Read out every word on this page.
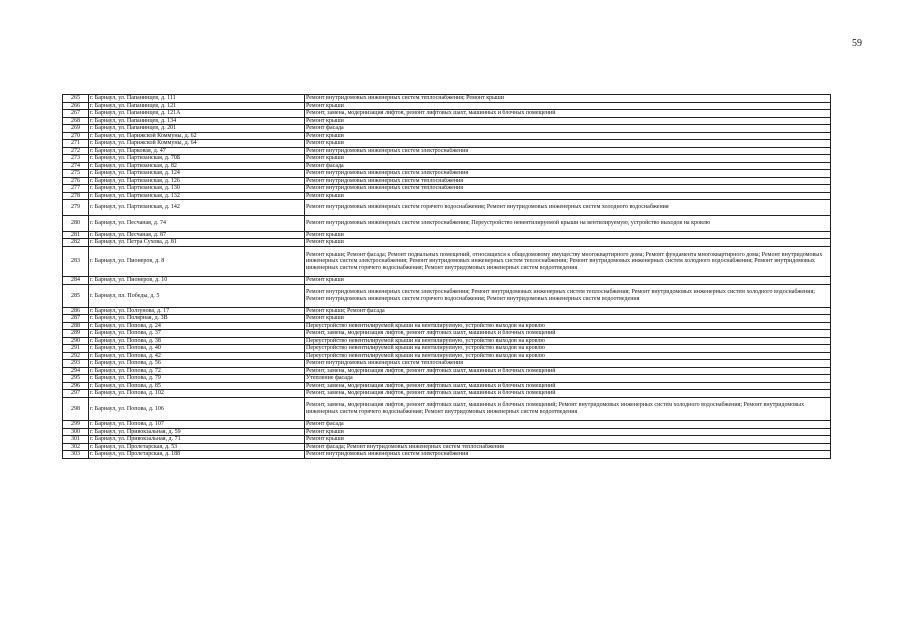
59
265	г. Барнаул, ул. Папанинцев, д. 111	Ремонт внутридомовых инженерных систем теплоснабжения; Ремонт крыши
266	г. Барнаул, ул. Папанинцев, д. 121	Ремонт крыши
267	г. Барнаул, ул. Папанинцев, д. 121А	Ремонт, замена, модернизация лифтов, ремонт лифтовых шахт, машинных и блочных помещений
268	г. Барнаул, ул. Папанинцев, д. 134	Ремонт крыши
269	г. Барнаул, ул. Папанинцев, д. 201	Ремонт фасада
270	г. Барнаул, ул. Парижской Коммуны, д. 62	Ремонт крыши
271	г. Барнаул, ул. Парижской Коммуны, д. 64	Ремонт крыши
272	г. Барнаул, ул. Парковая, д. 47	Ремонт внутридомовых инженерных систем электроснабжения
273	г. Барнаул, ул. Партизанская, д. 70Б	Ремонт крыши
274	г. Барнаул, ул. Партизанская, д. 82	Ремонт фасада
275	г. Барнаул, ул. Партизанская, д. 124	Ремонт внутридомовых инженерных систем электроснабжения
276	г. Барнаул, ул. Партизанская, д. 126	Ремонт внутридомовых инженерных систем теплоснабжения
277	г. Барнаул, ул. Партизанская, д. 130	Ремонт внутридомовых инженерных систем теплоснабжения
278	г. Барнаул, ул. Партизанская, д. 132	Ремонт крыши
279	г. Барнаул, ул. Партизанская, д. 142	Ремонт внутридомовых инженерных систем горячего водоснабжения; Ремонт внутридомовых инженерных систем холодного водоснабжения
280	г. Барнаул, ул. Песчаная, д. 74	Ремонт внутридомовых инженерных систем электроснабжения; Переустройство невентилируемой крыши на вентилируемую, устройство выходов на кровлю
281	г. Барнаул, ул. Песчаная, д. 87	Ремонт крыши
282	г. Барнаул, ул. Петра Сухова, д. 81	Ремонт крыши
283	г. Барнаул, ул. Пионеров, д. 8	Ремонт крыши; Ремонт фасада; Ремонт подвальных помещений, относящихся к общедомовому имуществу многоквартирного дома; Ремонт фундамента многоквартирного дома; Ремонт внутридомовых инженерных систем электроснабжения; Ремонт внутридомовых инженерных систем теплоснабжения; Ремонт внутридомовых инженерных систем холодного водоснабжения; Ремонт внутридомовых инженерных систем горячего водоснабжения; Ремонт внутридомовых инженерных систем водоотведения
284	г. Барнаул, ул. Пионеров, д. 10	Ремонт крыши
285	г. Барнаул, пл. Победы, д. 5	Ремонт внутридомовых инженерных систем электроснабжения; Ремонт внутридомовых инженерных систем теплоснабжения; Ремонт внутридомовых инженерных систем холодного водоснабжения; Ремонт внутридомовых инженерных систем горячего водоснабжения; Ремонт внутридомовых инженерных систем водоотведения
286	г. Барнаул, ул. Ползунова, д. 17	Ремонт крыши; Ремонт фасада
287	г. Барнаул, ул. Полярная, д. 3В	Ремонт крыши
288	г. Барнаул, ул. Попова, д. 24	Переустройство невентилируемой крыши на вентилируемую, устройство выходов на кровлю
289	г. Барнаул, ул. Попова, д. 37	Ремонт, замена, модернизация лифтов, ремонт лифтовых шахт, машинных и блочных помещений
290	г. Барнаул, ул. Попова, д. 38	Переустройство невентилируемой крыши на вентилируемую, устройство выходов на кровлю
291	г. Барнаул, ул. Попова, д. 40	Переустройство невентилируемой крыши на вентилируемую, устройство выходов на кровлю
292	г. Барнаул, ул. Попова, д. 42	Переустройство невентилируемой крыши на вентилируемую, устройство выходов на кровлю
293	г. Барнаул, ул. Попова, д. 56	Ремонт внутридомовых инженерных систем теплоснабжения
294	г. Барнаул, ул. Попова, д. 72	Ремонт, замена, модернизация лифтов, ремонт лифтовых шахт, машинных и блочных помещений
295	г. Барнаул, ул. Попова, д. 79	Утепление фасада
296	г. Барнаул, ул. Попова, д. 85	Ремонт, замена, модернизация лифтов, ремонт лифтовых шахт, машинных и блочных помещений
297	г. Барнаул, ул. Попова, д. 102	Ремонт, замена, модернизация лифтов, ремонт лифтовых шахт, машинных и блочных помещений
298	г. Барнаул, ул. Попова, д. 106	Ремонт, замена, модернизация лифтов, ремонт лифтовых шахт, машинных и блочных помещений; Ремонт внутридомовых инженерных систем холодного водоснабжения; Ремонт внутридомовых инженерных систем горячего водоснабжения; Ремонт внутридомовых инженерных систем водоотведения
299	г. Барнаул, ул. Попова, д. 107	Ремонт фасада
300	г. Барнаул, ул. Привокзальная, д. 59	Ремонт крыши
301	г. Барнаул, ул. Привокзальная, д. 71	Ремонт крыши
302	г. Барнаул, ул. Пролетарская, д. 53	Ремонт фасада; Ремонт внутридомовых инженерных систем теплоснабжения
303	г. Барнаул, ул. Пролетарская, д. 188	Ремонт внутридомовых инженерных систем электроснабжения
